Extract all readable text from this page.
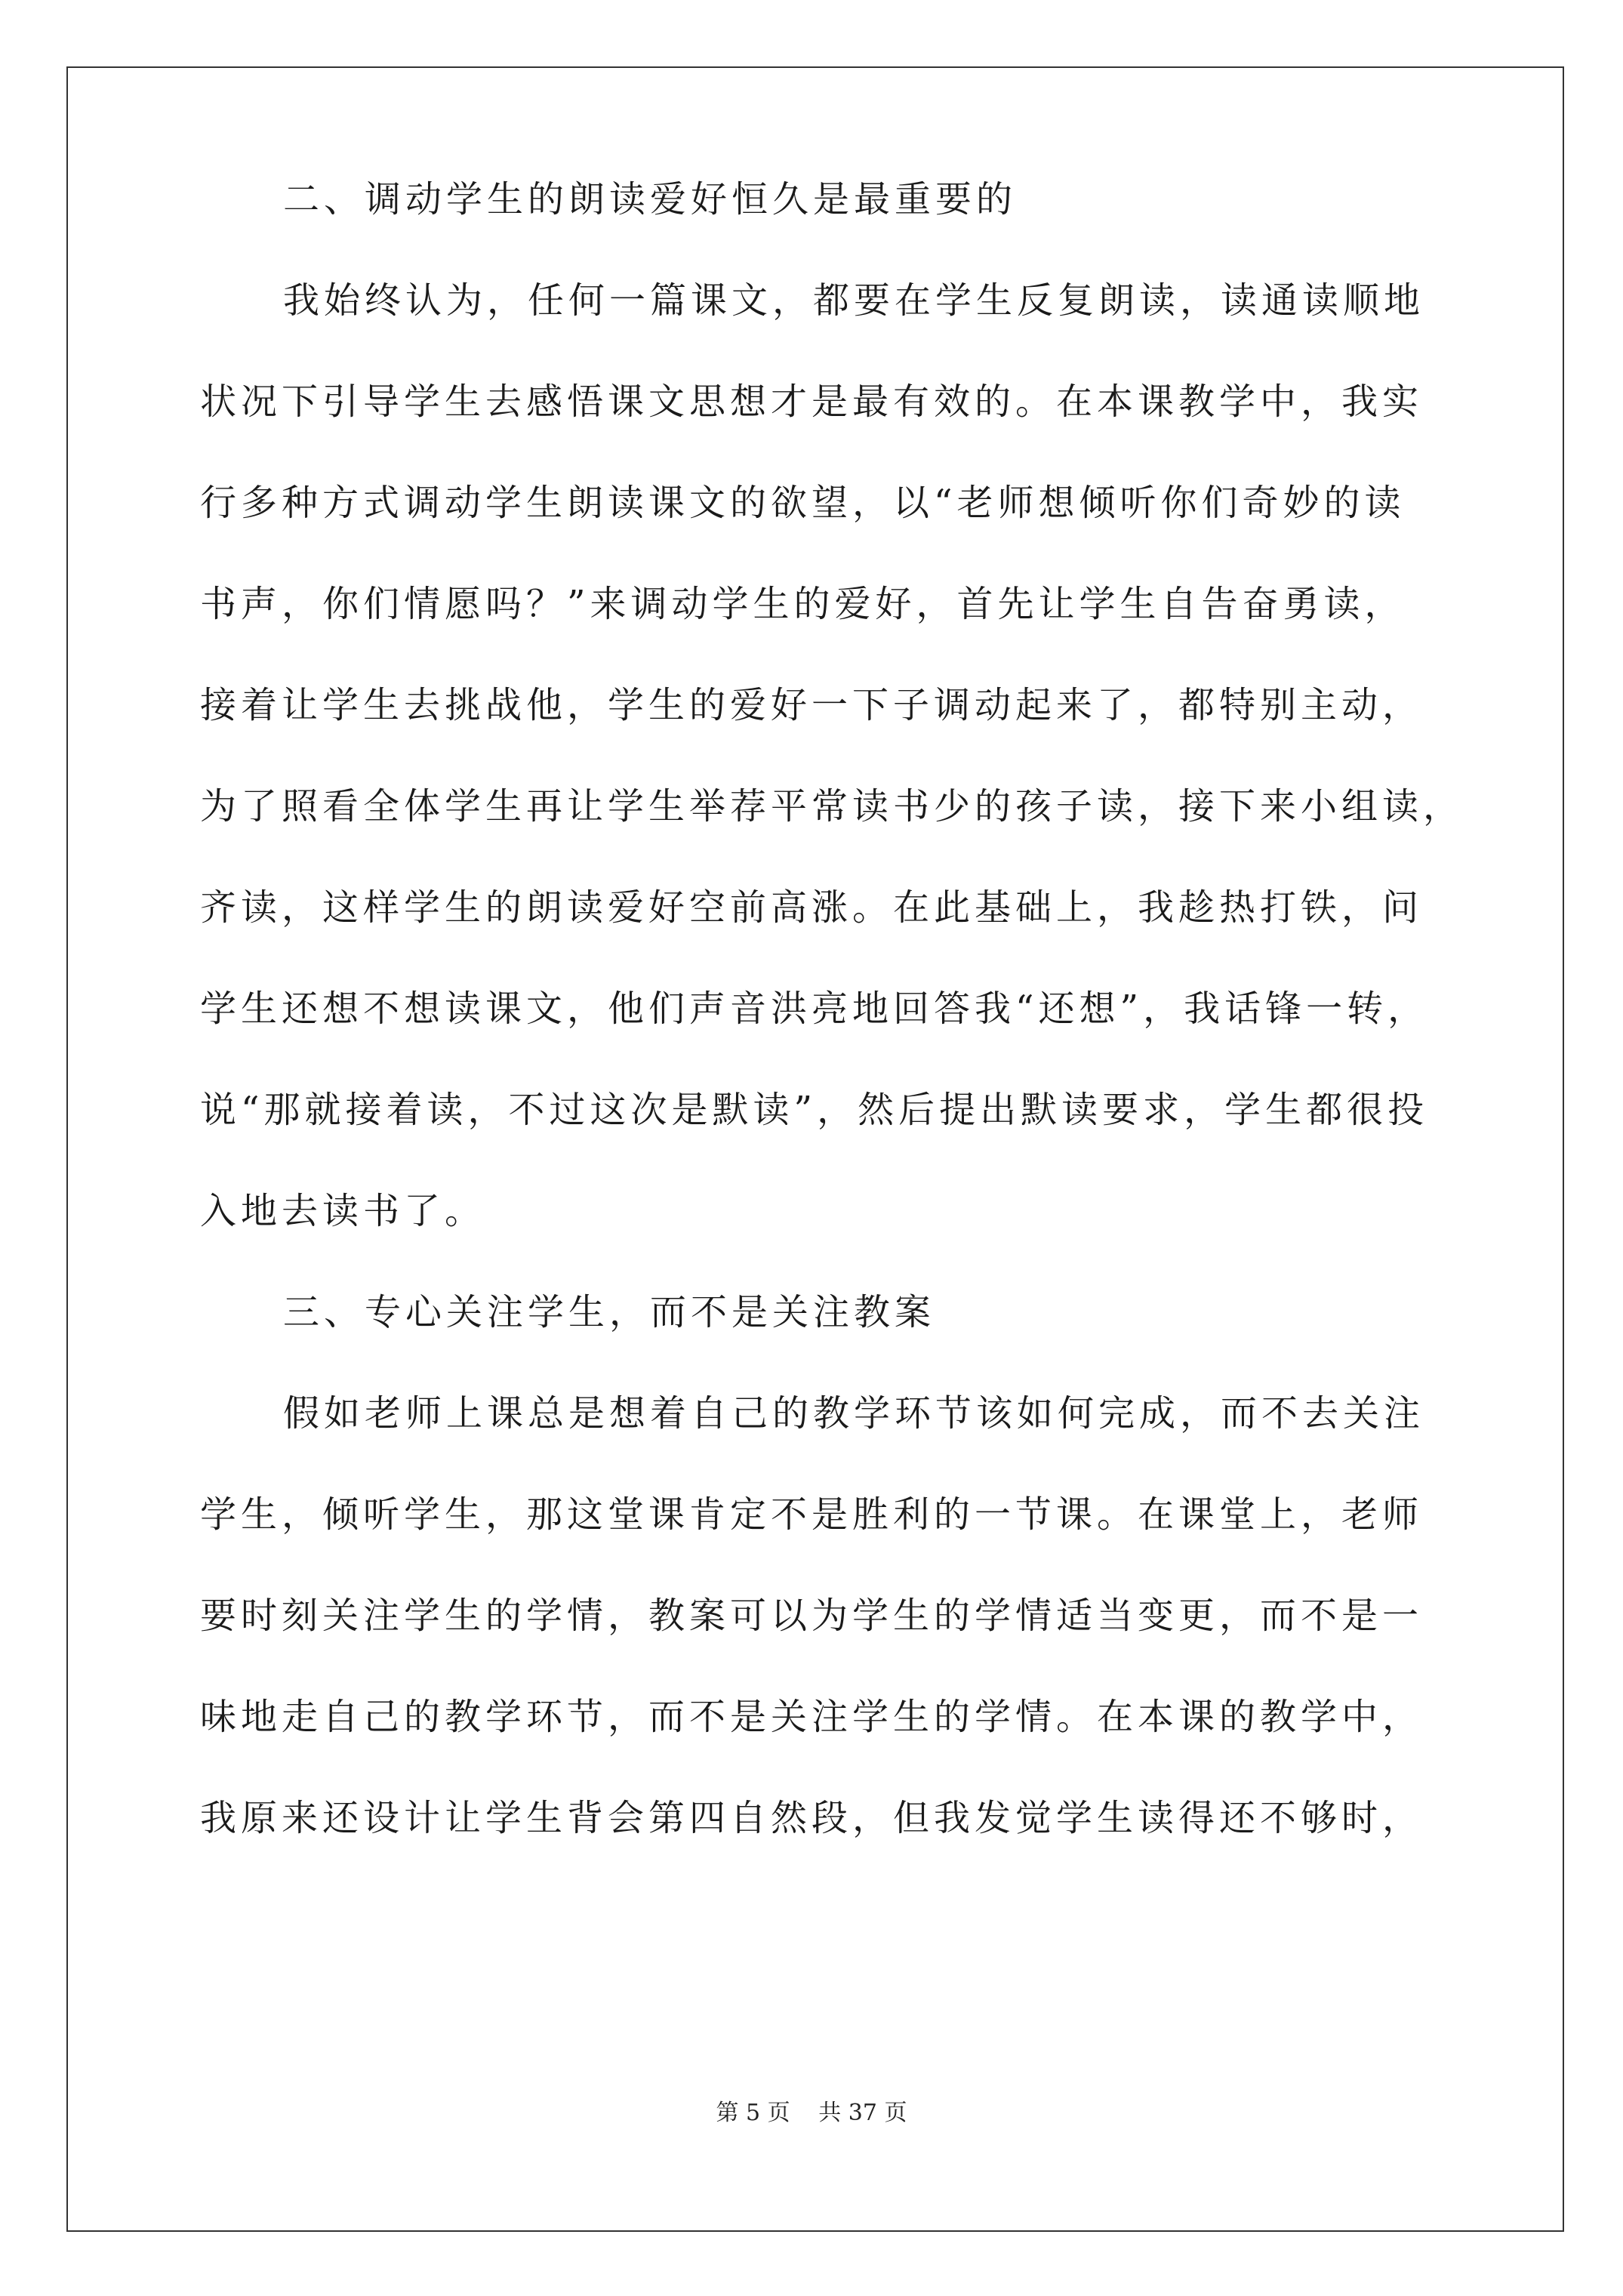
二、调动学生的朗读爱好恒久是最重要的
我始终认为，任何一篇课文，都要在学生反复朗读，读通读顺地
状况下引导学生去感悟课文思想才是最有效的。在本课教学中，我实
行多种方式调动学生朗读课文的欲望，以“老师想倾听你们奇妙的读
书声，你们情愿吗？”来调动学生的爱好，首先让学生自告奋勇读，
接着让学生去挑战他，学生的爱好一下子调动起来了，都特别主动，
为了照看全体学生再让学生举荐平常读书少的孩子读，接下来小组读，
齐读，这样学生的朗读爱好空前高涨。在此基础上，我趁热打铁，问
学生还想不想读课文，他们声音洪亮地回答我“还想”，我话锋一转，
说“那就接着读，不过这次是默读”，然后提出默读要求，学生都很投
入地去读书了。
三、专心关注学生，而不是关注教案
假如老师上课总是想着自己的教学环节该如何完成，而不去关注
学生，倾听学生，那这堂课肯定不是胜利的一节课。在课堂上，老师
要时刻关注学生的学情，教案可以为学生的学情适当变更，而不是一
味地走自己的教学环节，而不是关注学生的学情。在本课的教学中，
我原来还设计让学生背会第四自然段，但我发觉学生读得还不够时，
第 5 页 共 37 页
